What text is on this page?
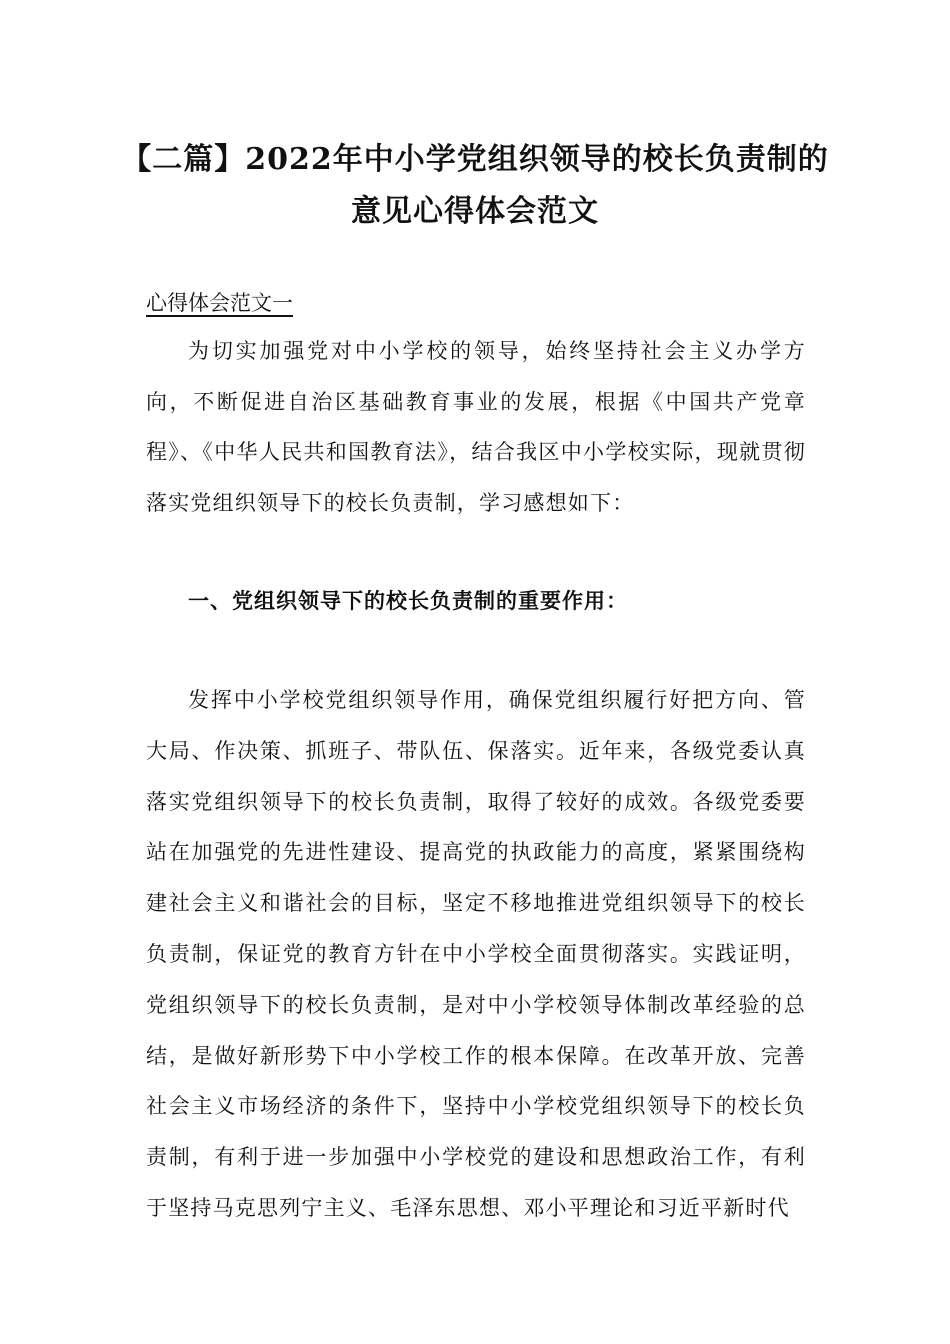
【二篇】2022年中小学党组织领导的校长负责制的
意见心得体会范文
心得体会范文一

为切实加强党对中小学校的领导，始终坚持社会主义办学方向，不断促进自治区基础教育事业的发展，根据《中国共产党章程》、《中华人民共和国教育法》，结合我区中小学校实际，现就贯彻落实党组织领导下的校长负责制，学习感想如下：

一、党组织领导下的校长负责制的重要作用：

发挥中小学校党组织领导作用，确保党组织履行好把方向、管大局、作决策、抓班子、带队伍、保落实。近年来，各级党委认真落实党组织领导下的校长负责制，取得了较好的成效。各级党委要站在加强党的先进性建设、提高党的执政能力的高度，紧紧围绕构建社会主义和谐社会的目标，坚定不移地推进党组织领导下的校长负责制，保证党的教育方针在中小学校全面贯彻落实。实践证明，党组织领导下的校长负责制，是对中小学校领导体制改革经验的总结，是做好新形势下中小学校工作的根本保障。在改革开放、完善社会主义市场经济的条件下，坚持中小学校党组织领导下的校长负责制，有利于进一步加强中小学校党的建设和思想政治工作，有利于坚持马克思列宁主义、毛泽东思想、邓小平理论和习近平新时代
